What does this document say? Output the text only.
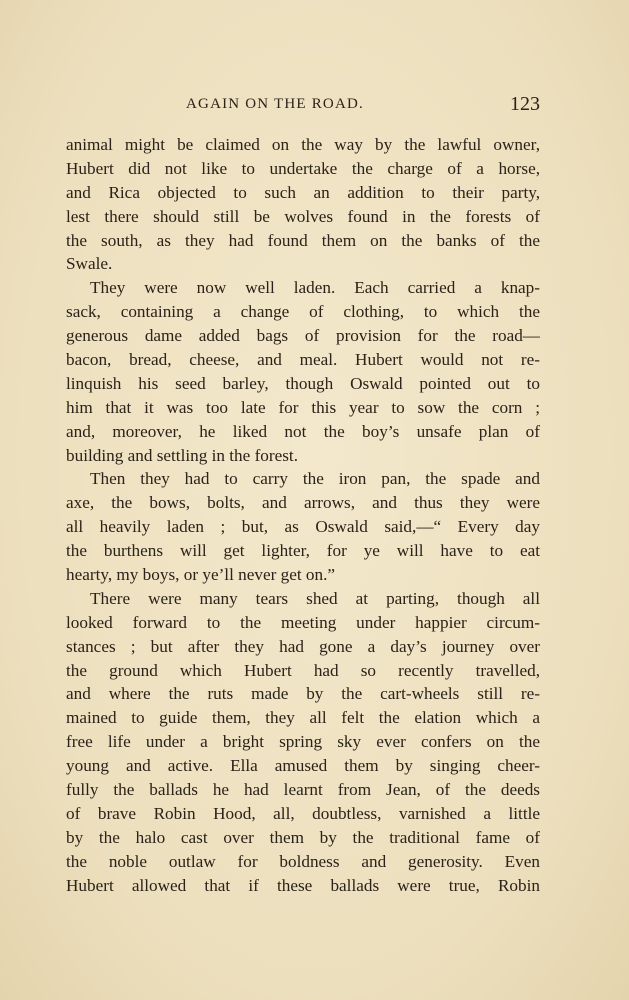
AGAIN ON THE ROAD.	123
animal might be claimed on the way by the lawful owner,
Hubert did not like to undertake the charge of a horse,
and Rica objected to such an addition to their party,
lest there should still be wolves found in the forests of
the south, as they had found them on the banks of the
Swale.
They were now well laden. Each carried a knap-
sack, containing a change of clothing, to which the
generous dame added bags of provision for the road—
bacon, bread, cheese, and meal. Hubert would not re-
linquish his seed barley, though Oswald pointed out to
him that it was too late for this year to sow the corn ;
and, moreover, he liked not the boy’s unsafe plan of
building and settling in the forest.
Then they had to carry the iron pan, the spade and
axe, the bows, bolts, and arrows, and thus they were
all heavily laden ; but, as Oswald said,—“ Every day
the burthens will get lighter, for ye will have to eat
hearty, my boys, or ye’ll never get on.”
There were many tears shed at parting, though all
looked forward to the meeting under happier circum-
stances ; but after they had gone a day’s journey over
the ground which Hubert had so recently travelled,
and where the ruts made by the cart-wheels still re-
mained to guide them, they all felt the elation which a
free life under a bright spring sky ever confers on the
young and active. Ella amused them by singing cheer-
fully the ballads he had learnt from Jean, of the deeds
of brave Robin Hood, all, doubtless, varnished a little
by the halo cast over them by the traditional fame of
the noble outlaw for boldness and generosity. Even
Hubert allowed that if these ballads were true, Robin
